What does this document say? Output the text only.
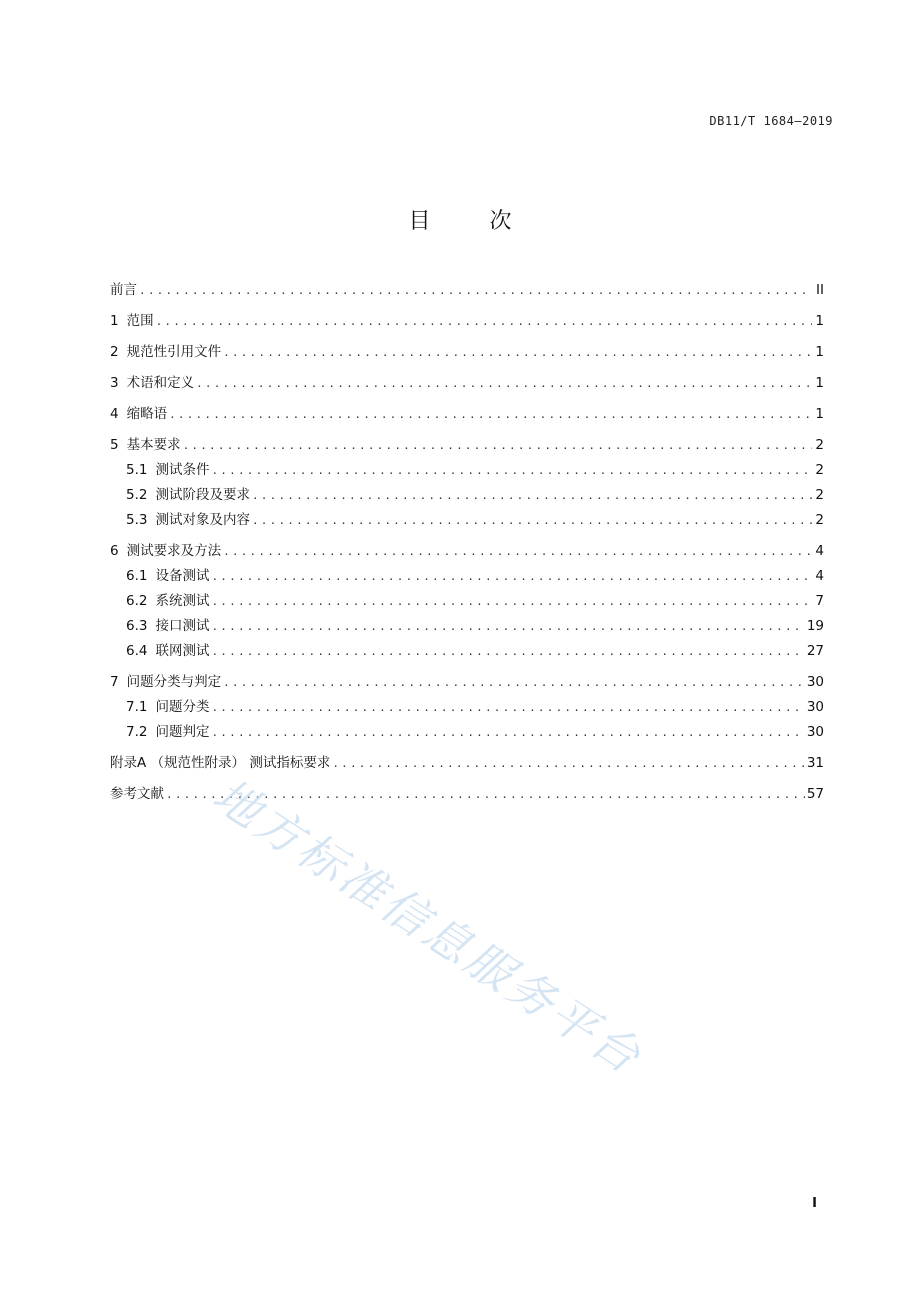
DB11/T 1684—2019
目 次
前言 .....	II
1 范围 .....	1
2 规范性引用文件 .....	1
3 术语和定义 .....	1
4 缩略语 .....	1
5 基本要求 .....	2
5.1 测试条件 .....	2
5.2 测试阶段及要求 .....	2
5.3 测试对象及内容 .....	2
6 测试要求及方法 .....	4
6.1 设备测试 .....	4
6.2 系统测试 .....	7
6.3 接口测试 .....	19
6.4 联网测试 .....	27
7 问题分类与判定 .....	30
7.1 问题分类 .....	30
7.2 问题判定 .....	30
附录A （规范性附录） 测试指标要求 .....	31
参考文献 .....	57
地方标准信息服务平台
I
